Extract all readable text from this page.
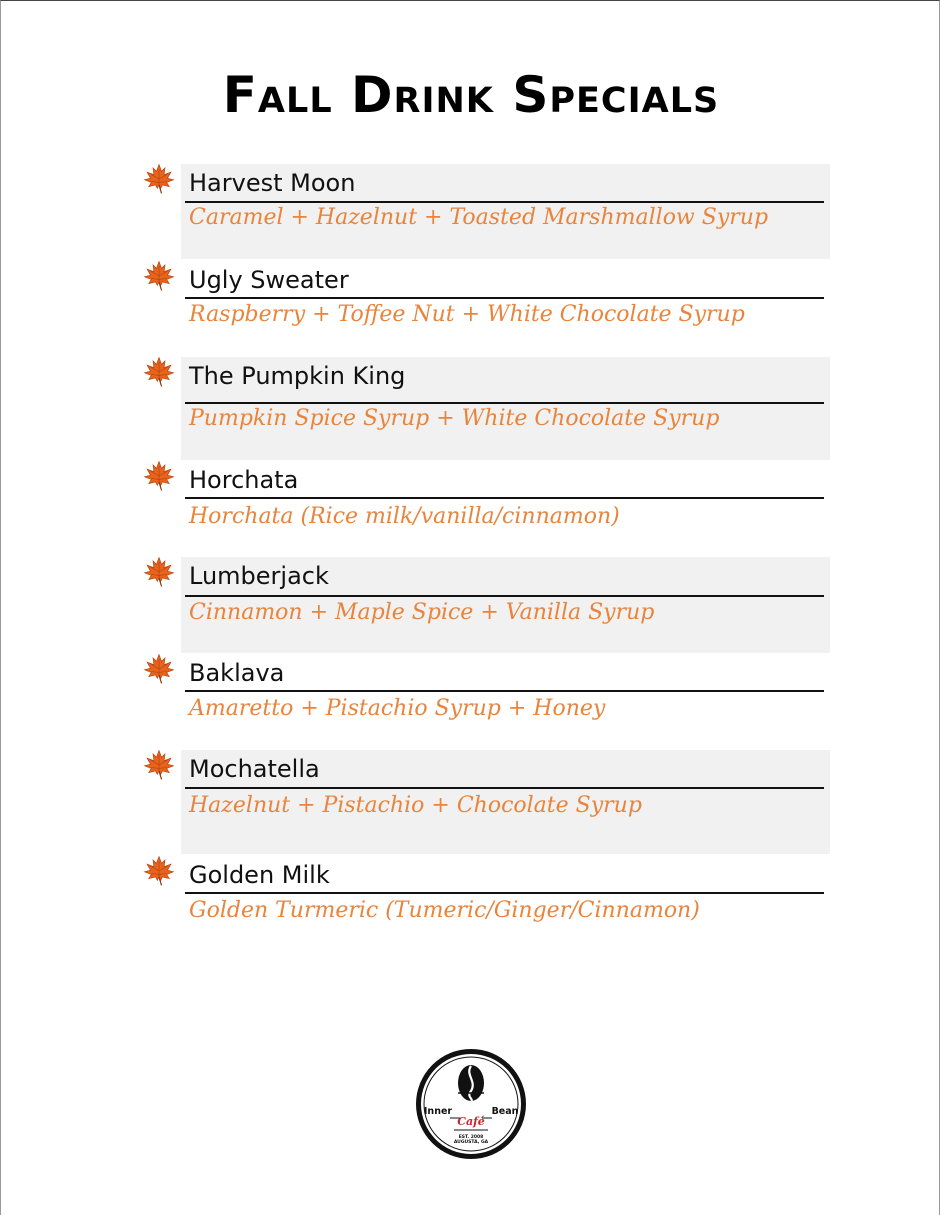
Fall Drink Specials
Harvest Moon
Caramel + Hazelnut + Toasted Marshmallow Syrup
Ugly Sweater
Raspberry + Toffee Nut + White Chocolate Syrup
The Pumpkin King
Pumpkin Spice Syrup + White Chocolate Syrup
Horchata
Horchata (Rice milk/vanilla/cinnamon)
Lumberjack
Cinnamon + Maple Spice + Vanilla Syrup
Baklava
Amaretto + Pistachio Syrup + Honey
Mochatella
Hazelnut + Pistachio + Chocolate Syrup
Golden Milk
Golden Turmeric (Tumeric/Ginger/Cinnamon)
Inner	Bean
Café
EST. 2008
AUGUSTA, GA
